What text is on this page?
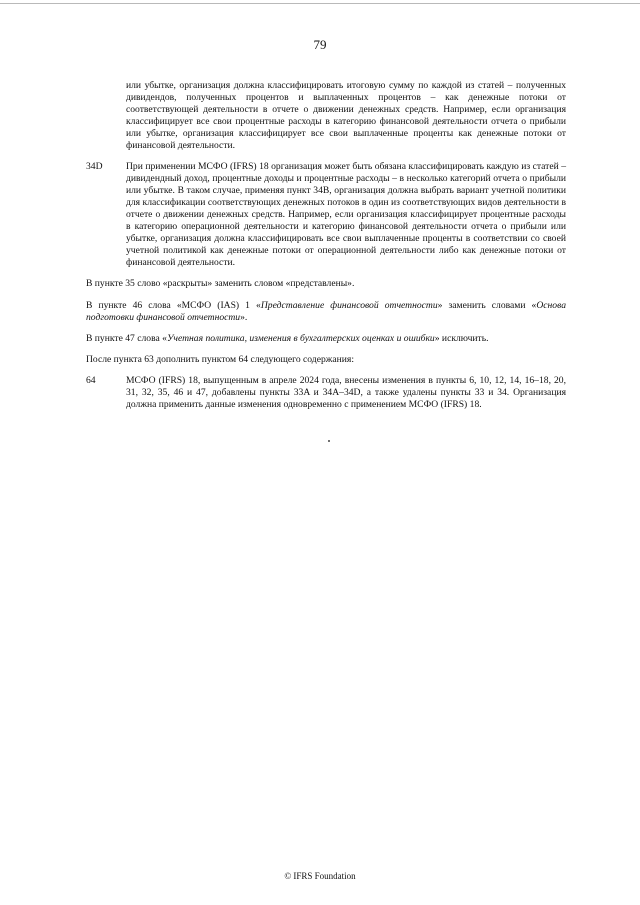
79

или убытке, организация должна классифицировать итоговую сумму по каждой из статей – полученных дивидендов, полученных процентов и выплаченных процентов – как денежные потоки от соответствующей деятельности в отчете о движении денежных средств. Например, если организация классифицирует все свои процентные расходы в категорию финансовой деятельности отчета о прибыли или убытке, организация классифицирует все свои выплаченные проценты как денежные потоки от финансовой деятельности.

34D	При применении МСФО (IFRS) 18 организация может быть обязана классифицировать каждую из статей – дивидендный доход, процентные доходы и процентные расходы – в несколько категорий отчета о прибыли или убытке. В таком случае, применяя пункт 34B, организация должна выбрать вариант учетной политики для классификации соответствующих денежных потоков в один из соответствующих видов деятельности в отчете о движении денежных средств. Например, если организация классифицирует процентные расходы в категорию операционной деятельности и категорию финансовой деятельности отчета о прибыли или убытке, организация должна классифицировать все свои выплаченные проценты в соответствии со своей учетной политикой как денежные потоки от операционной деятельности либо как денежные потоки от финансовой деятельности.

В пункте 35 слово «раскрыты» заменить словом «представлены».

В пункте 46 слова «МСФО (IAS) 1 «Представление финансовой отчетности» заменить словами «Основа подготовки финансовой отчетности».

В пункте 47 слова «Учетная политика, изменения в бухгалтерских оценках и ошибки» исключить.

После пункта 63 дополнить пунктом 64 следующего содержания:

64	МСФО (IFRS) 18, выпущенным в апреле 2024 года, внесены изменения в пункты 6, 10, 12, 14, 16–18, 20, 31, 32, 35, 46 и 47, добавлены пункты 33A и 34A–34D, а также удалены пункты 33 и 34. Организация должна применить данные изменения одновременно с применением МСФО (IFRS) 18.

© IFRS Foundation
